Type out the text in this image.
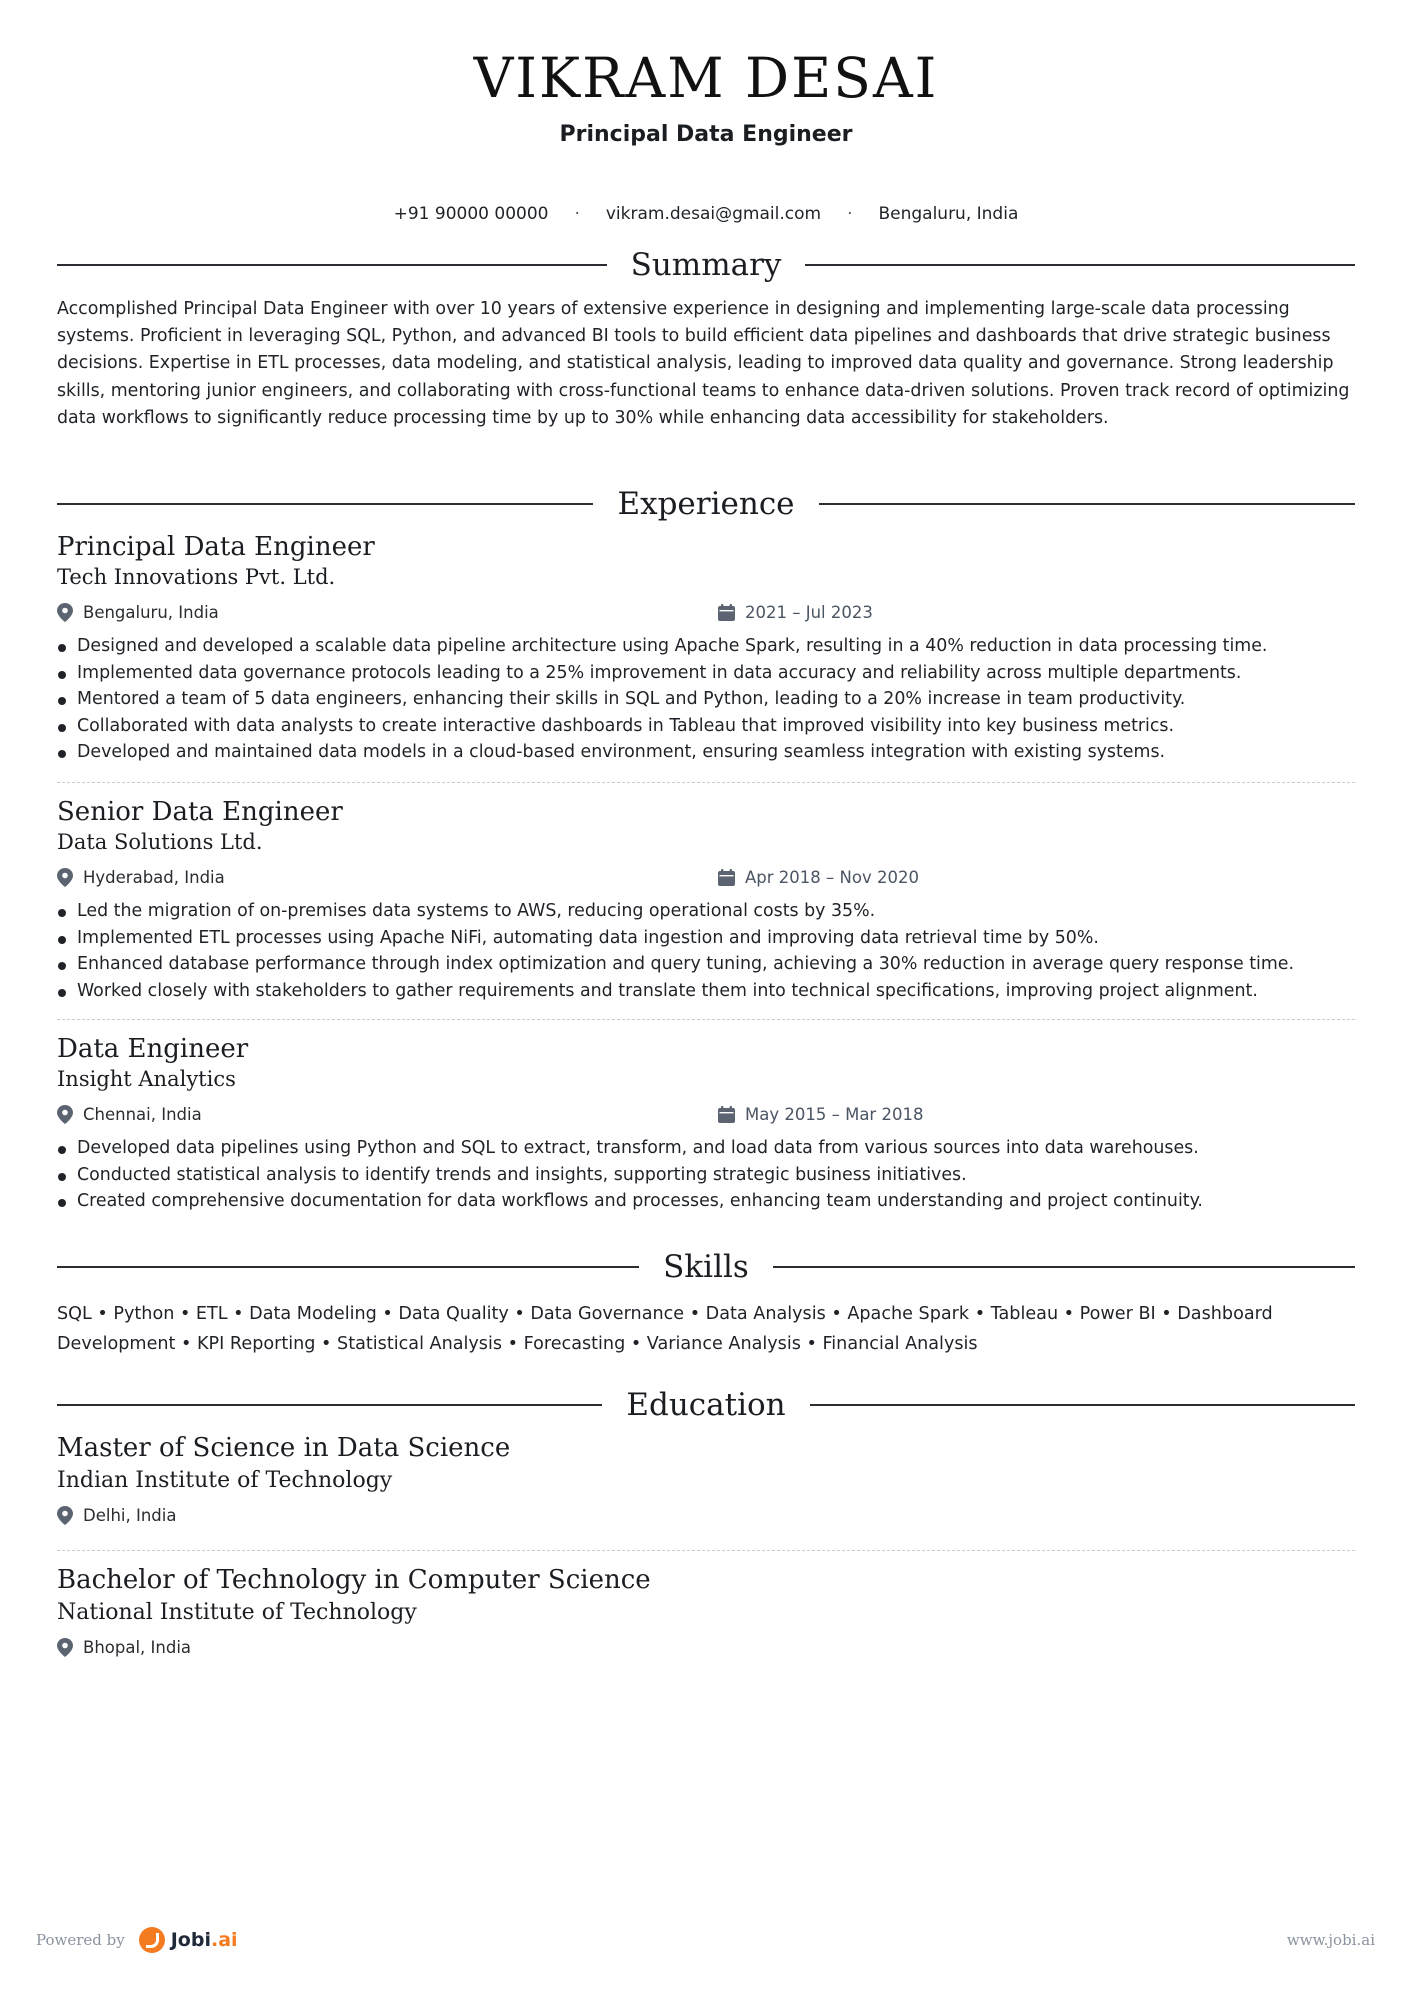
VIKRAM DESAI
Principal Data Engineer
+91 90000 00000 · vikram.desai@gmail.com · Bengaluru, India
Summary
Accomplished Principal Data Engineer with over 10 years of extensive experience in designing and implementing large-scale data processing systems. Proficient in leveraging SQL, Python, and advanced BI tools to build efficient data pipelines and dashboards that drive strategic business decisions. Expertise in ETL processes, data modeling, and statistical analysis, leading to improved data quality and governance. Strong leadership skills, mentoring junior engineers, and collaborating with cross-functional teams to enhance data-driven solutions. Proven track record of optimizing data workflows to significantly reduce processing time by up to 30% while enhancing data accessibility for stakeholders.
Experience
Principal Data Engineer
Tech Innovations Pvt. Ltd.
Bengaluru, India	2021 – Jul 2023
Designed and developed a scalable data pipeline architecture using Apache Spark, resulting in a 40% reduction in data processing time.
Implemented data governance protocols leading to a 25% improvement in data accuracy and reliability across multiple departments.
Mentored a team of 5 data engineers, enhancing their skills in SQL and Python, leading to a 20% increase in team productivity.
Collaborated with data analysts to create interactive dashboards in Tableau that improved visibility into key business metrics.
Developed and maintained data models in a cloud-based environment, ensuring seamless integration with existing systems.
Senior Data Engineer
Data Solutions Ltd.
Hyderabad, India	Apr 2018 – Nov 2020
Led the migration of on-premises data systems to AWS, reducing operational costs by 35%.
Implemented ETL processes using Apache NiFi, automating data ingestion and improving data retrieval time by 50%.
Enhanced database performance through index optimization and query tuning, achieving a 30% reduction in average query response time.
Worked closely with stakeholders to gather requirements and translate them into technical specifications, improving project alignment.
Data Engineer
Insight Analytics
Chennai, India	May 2015 – Mar 2018
Developed data pipelines using Python and SQL to extract, transform, and load data from various sources into data warehouses.
Conducted statistical analysis to identify trends and insights, supporting strategic business initiatives.
Created comprehensive documentation for data workflows and processes, enhancing team understanding and project continuity.
Skills
SQL • Python • ETL • Data Modeling • Data Quality • Data Governance • Data Analysis • Apache Spark • Tableau • Power BI • Dashboard Development • KPI Reporting • Statistical Analysis • Forecasting • Variance Analysis • Financial Analysis
Education
Master of Science in Data Science
Indian Institute of Technology
Delhi, India
Bachelor of Technology in Computer Science
National Institute of Technology
Bhopal, India
Powered by Jobi.ai	www.jobi.ai
